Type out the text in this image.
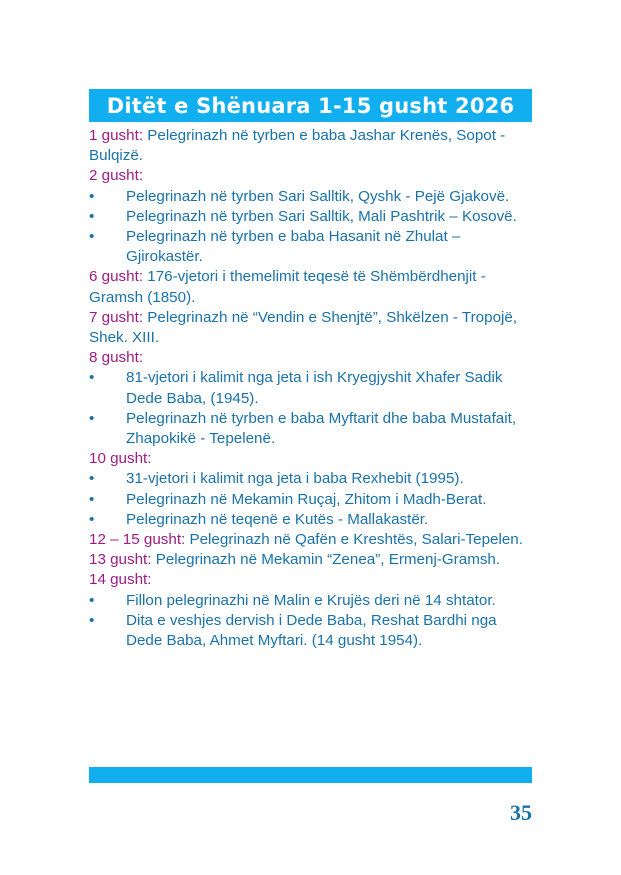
Ditët e Shënuara 1-15 gusht 2026
1 gusht: Pelegrinazh në tyrben e baba Jashar Krenës, Sopot - Bulqizë.
2 gusht:
• Pelegrinazh në tyrben Sari Salltik, Qyshk - Pejë Gjakovë.
• Pelegrinazh në tyrben Sari Salltik, Mali Pashtrik – Kosovë.
• Pelegrinazh në tyrben e baba Hasanit në Zhulat – Gjirokastër.
6 gusht: 176-vjetori i themelimit teqesë të Shëmbërdhenjit - Gramsh (1850).
7 gusht: Pelegrinazh në “Vendin e Shenjtë”, Shkëlzen - Tropojë, Shek. XIII.
8 gusht:
• 81-vjetori i kalimit nga jeta i ish Kryegjyshit Xhafer Sadik Dede Baba, (1945).
• Pelegrinazh në tyrben e baba Myftarit dhe baba Mustafait, Zhapokikë - Tepelenë.
10 gusht:
• 31-vjetori i kalimit nga jeta i baba Rexhebit (1995).
• Pelegrinazh në Mekamin Ruçaj, Zhitom i Madh-Berat.
• Pelegrinazh në teqenë e Kutës - Mallakastër.
12 – 15 gusht: Pelegrinazh në Qafën e Kreshtës, Salari-Tepelen.
13 gusht: Pelegrinazh në Mekamin “Zenea”, Ermenj-Gramsh.
14 gusht:
• Fillon pelegrinazhi në Malin e Krujës deri në 14 shtator.
• Dita e veshjes dervish i Dede Baba, Reshat Bardhi nga Dede Baba, Ahmet Myftari. (14 gusht 1954).
35
